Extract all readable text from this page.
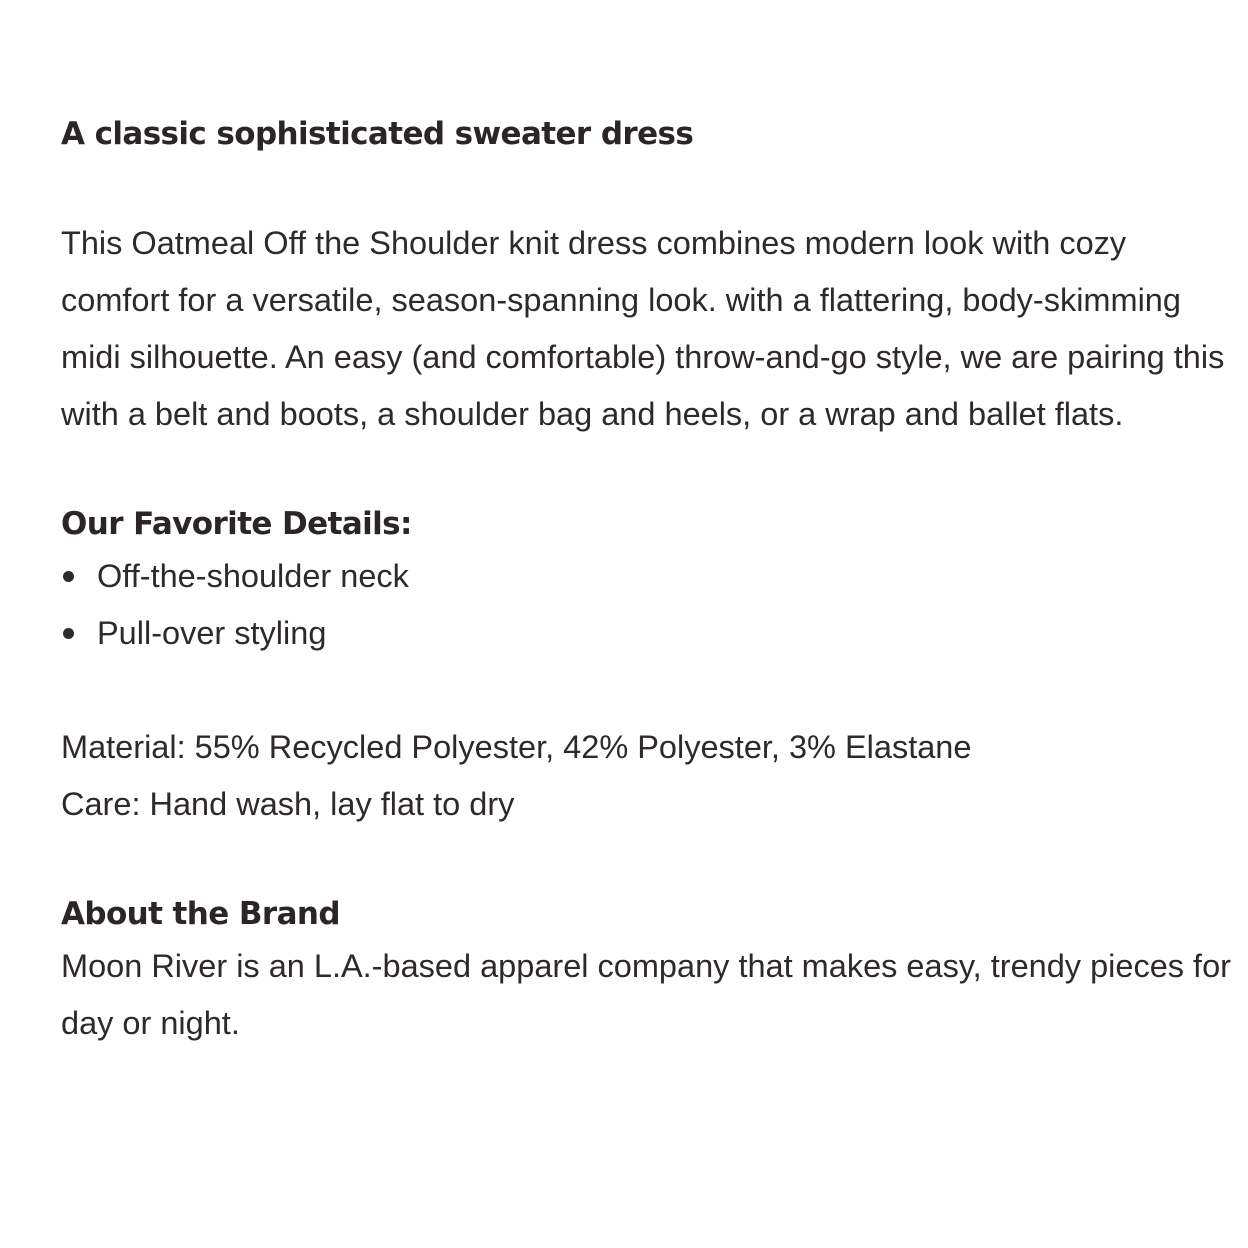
A classic sophisticated sweater dress

This Oatmeal Off the Shoulder knit dress combines modern look with cozy comfort for a versatile, season-spanning look. with a flattering, body-skimming midi silhouette. An easy (and comfortable) throw-and-go style, we are pairing this with a belt and boots, a shoulder bag and heels, or a wrap and ballet flats.

Our Favorite Details:
Off-the-shoulder neck
Pull-over styling

Material: 55% Recycled Polyester, 42% Polyester, 3% Elastane

Care: Hand wash, lay flat to dry

About the Brand

Moon River is an L.A.-based apparel company that makes easy, trendy pieces for day or night.
